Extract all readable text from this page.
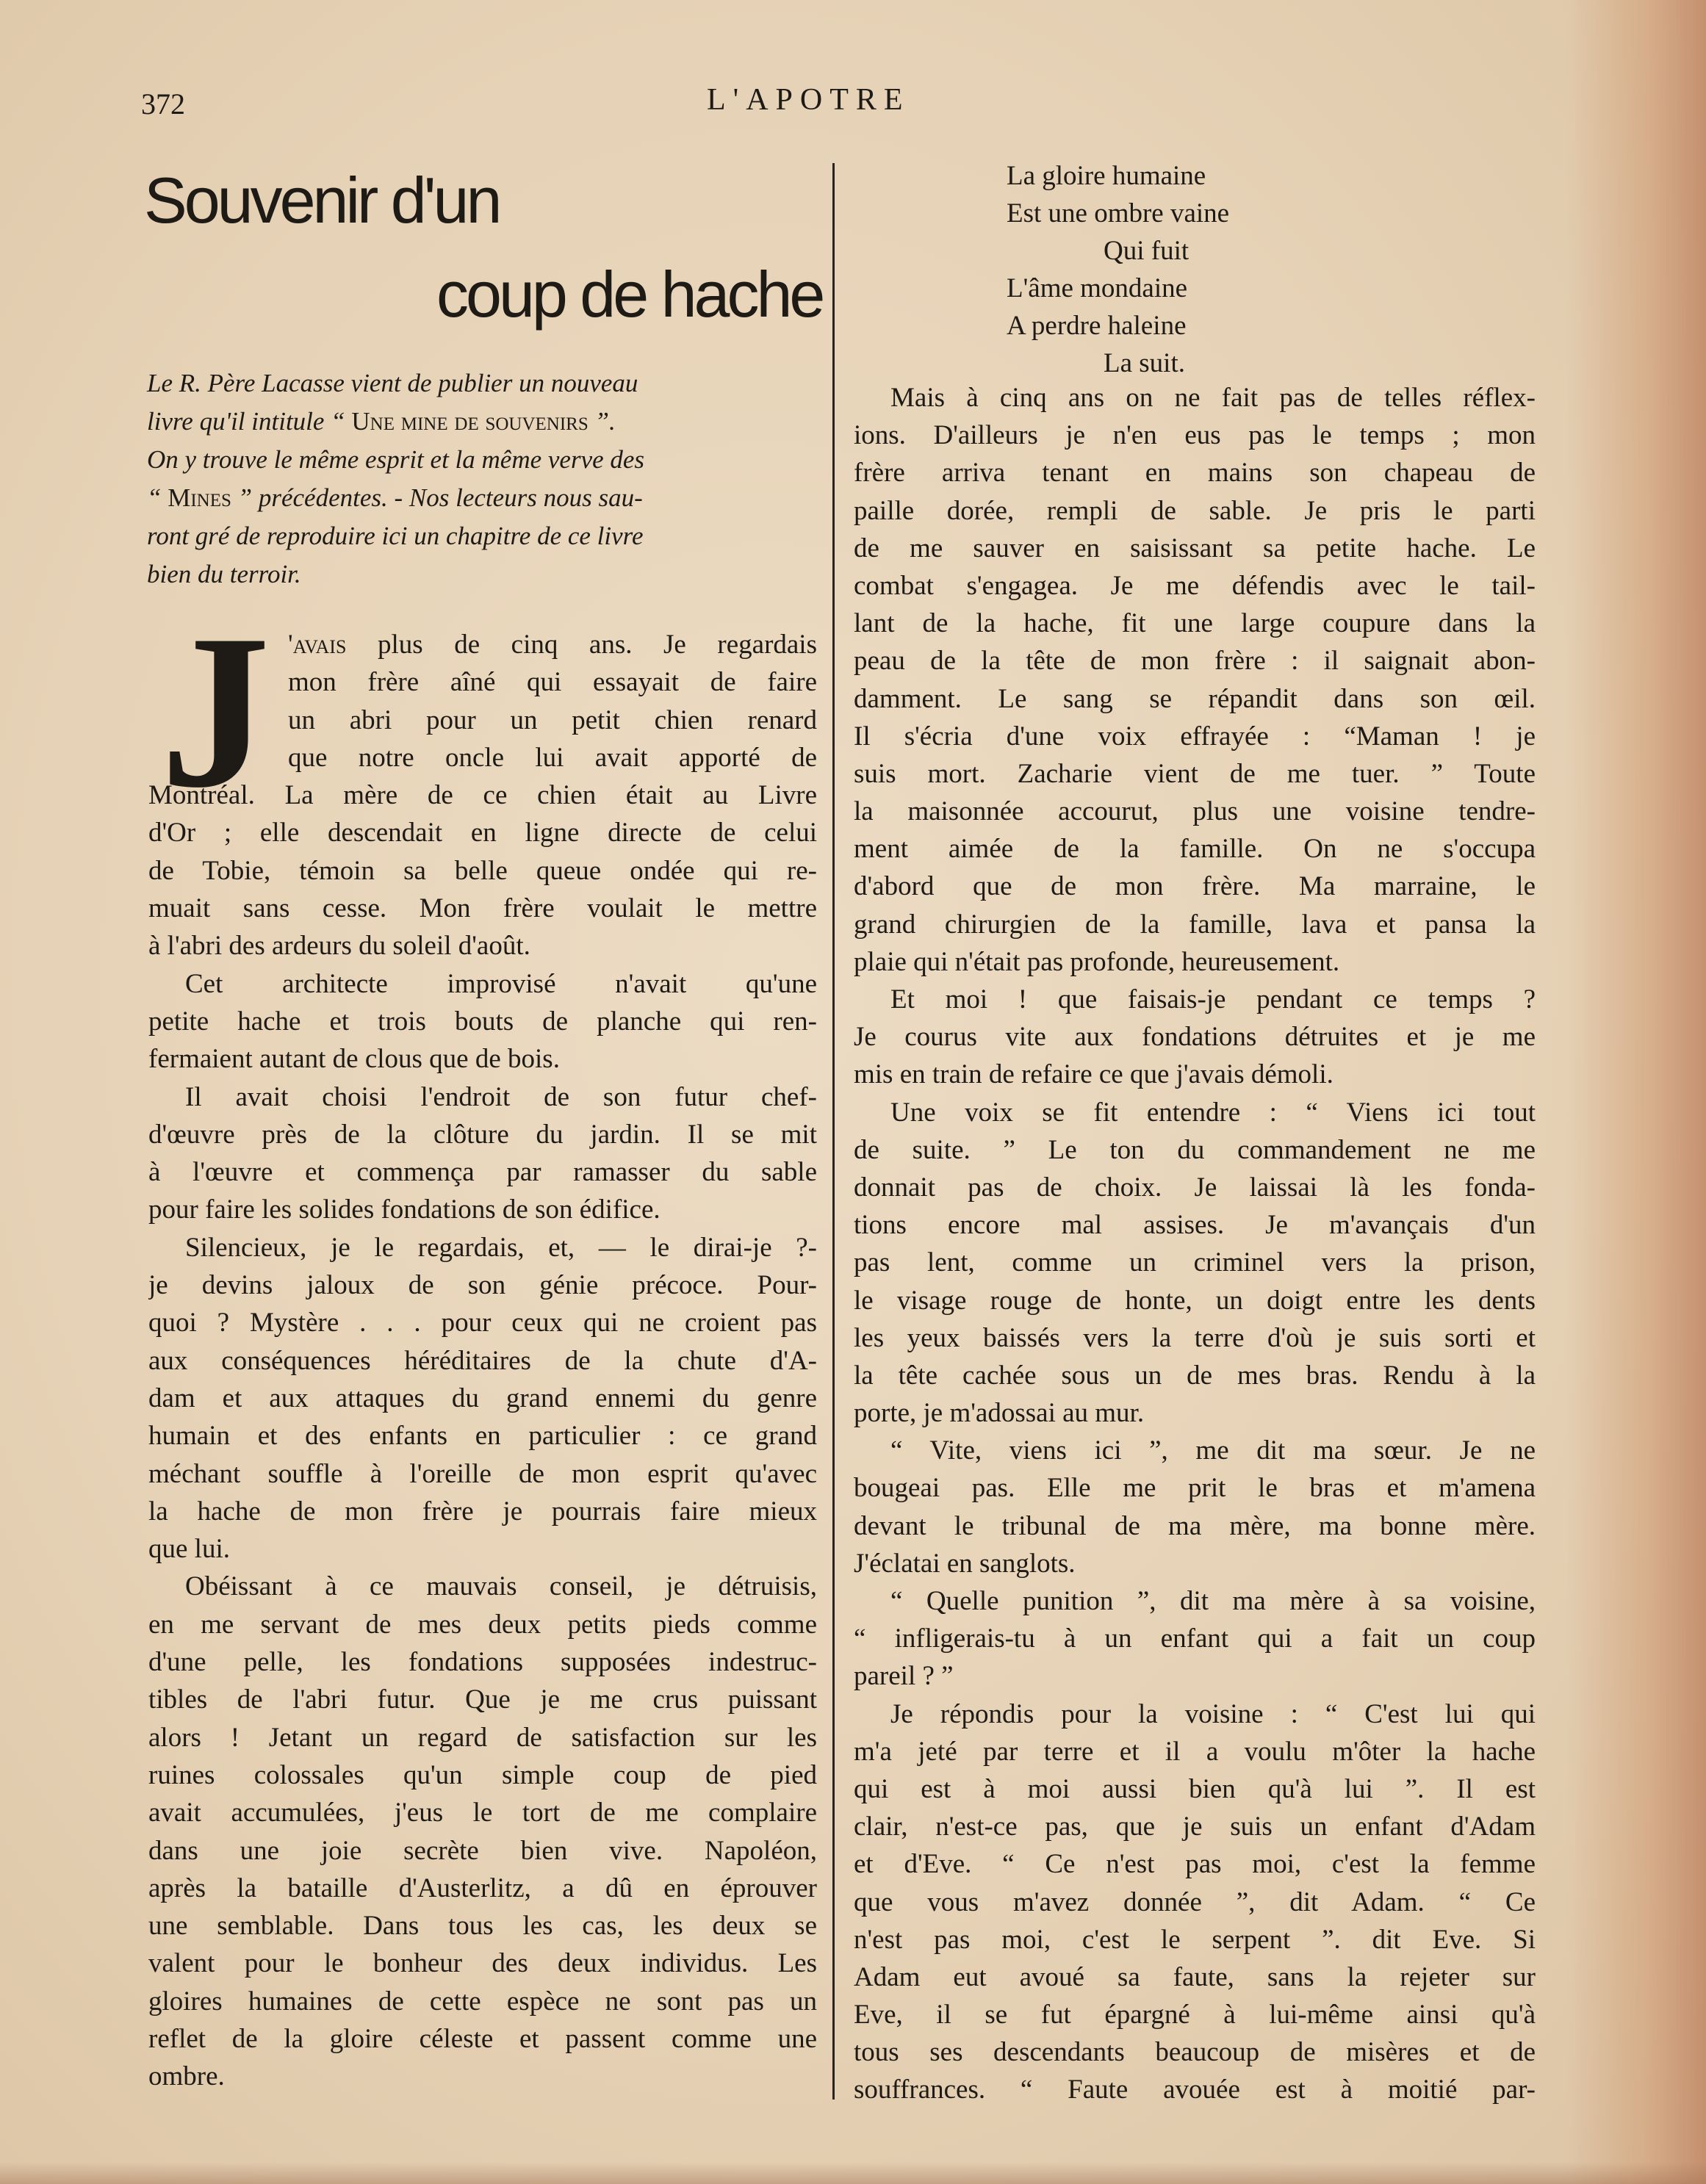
372	L'APOTRE
Souvenir d'un
coup de hache
Le R. Père Lacasse vient de publier un nouveau
livre qu'il intitule “ Une mine de souvenirs ”.
On y trouve le même esprit et la même verve des
“ Mines ” précédentes. - Nos lecteurs nous sau-
ront gré de reproduire ici un chapitre de ce livre
bien du terroir.
J 'avais plus de cinq ans. Je regardais
mon frère aîné qui essayait de faire
un abri pour un petit chien renard
que notre oncle lui avait apporté de
Montréal. La mère de ce chien était au Livre
d'Or ; elle descendait en ligne directe de celui
de Tobie, témoin sa belle queue ondée qui re-
muait sans cesse. Mon frère voulait le mettre
à l'abri des ardeurs du soleil d'août.
Cet architecte improvisé n'avait qu'une
petite hache et trois bouts de planche qui ren-
fermaient autant de clous que de bois.
Il avait choisi l'endroit de son futur chef-
d'œuvre près de la clôture du jardin. Il se mit
à l'œuvre et commença par ramasser du sable
pour faire les solides fondations de son édifice.
Silencieux, je le regardais, et, — le dirai-je ?-
je devins jaloux de son génie précoce. Pour-
quoi ? Mystère . . . pour ceux qui ne croient pas
aux conséquences héréditaires de la chute d'A-
dam et aux attaques du grand ennemi du genre
humain et des enfants en particulier : ce grand
méchant souffle à l'oreille de mon esprit qu'avec
la hache de mon frère je pourrais faire mieux
que lui.
Obéissant à ce mauvais conseil, je détruisis,
en me servant de mes deux petits pieds comme
d'une pelle, les fondations supposées indestruc-
tibles de l'abri futur. Que je me crus puissant
alors ! Jetant un regard de satisfaction sur les
ruines colossales qu'un simple coup de pied
avait accumulées, j'eus le tort de me complaire
dans une joie secrète bien vive. Napoléon,
après la bataille d'Austerlitz, a dû en éprouver
une semblable. Dans tous les cas, les deux se
valent pour le bonheur des deux individus. Les
gloires humaines de cette espèce ne sont pas un
reflet de la gloire céleste et passent comme une
ombre.
La gloire humaine
Est une ombre vaine
Qui fuit
L'âme mondaine
A perdre haleine
La suit.
Mais à cinq ans on ne fait pas de telles réflex-
ions. D'ailleurs je n'en eus pas le temps ; mon
frère arriva tenant en mains son chapeau de
paille dorée, rempli de sable. Je pris le parti
de me sauver en saisissant sa petite hache. Le
combat s'engagea. Je me défendis avec le tail-
lant de la hache, fit une large coupure dans la
peau de la tête de mon frère : il saignait abon-
damment. Le sang se répandit dans son œil.
Il s'écria d'une voix effrayée : “Maman ! je
suis mort. Zacharie vient de me tuer. ” Toute
la maisonnée accourut, plus une voisine tendre-
ment aimée de la famille. On ne s'occupa
d'abord que de mon frère. Ma marraine, le
grand chirurgien de la famille, lava et pansa la
plaie qui n'était pas profonde, heureusement.
Et moi ! que faisais-je pendant ce temps ?
Je courus vite aux fondations détruites et je me
mis en train de refaire ce que j'avais démoli.
Une voix se fit entendre : “ Viens ici tout
de suite. ” Le ton du commandement ne me
donnait pas de choix. Je laissai là les fonda-
tions encore mal assises. Je m'avançais d'un
pas lent, comme un criminel vers la prison,
le visage rouge de honte, un doigt entre les dents
les yeux baissés vers la terre d'où je suis sorti et
la tête cachée sous un de mes bras. Rendu à la
porte, je m'adossai au mur.
“ Vite, viens ici ”, me dit ma sœur. Je ne
bougeai pas. Elle me prit le bras et m'amena
devant le tribunal de ma mère, ma bonne mère.
J'éclatai en sanglots.
“ Quelle punition ”, dit ma mère à sa voisine,
“ infligerais-tu à un enfant qui a fait un coup
pareil ? ”
Je répondis pour la voisine : “ C'est lui qui
m'a jeté par terre et il a voulu m'ôter la hache
qui est à moi aussi bien qu'à lui ”. Il est
clair, n'est-ce pas, que je suis un enfant d'Adam
et d'Eve. “ Ce n'est pas moi, c'est la femme
que vous m'avez donnée ”, dit Adam. “ Ce
n'est pas moi, c'est le serpent ”. dit Eve. Si
Adam eut avoué sa faute, sans la rejeter sur
Eve, il se fut épargné à lui-même ainsi qu'à
tous ses descendants beaucoup de misères et de
souffrances. “ Faute avouée est à moitié par-
